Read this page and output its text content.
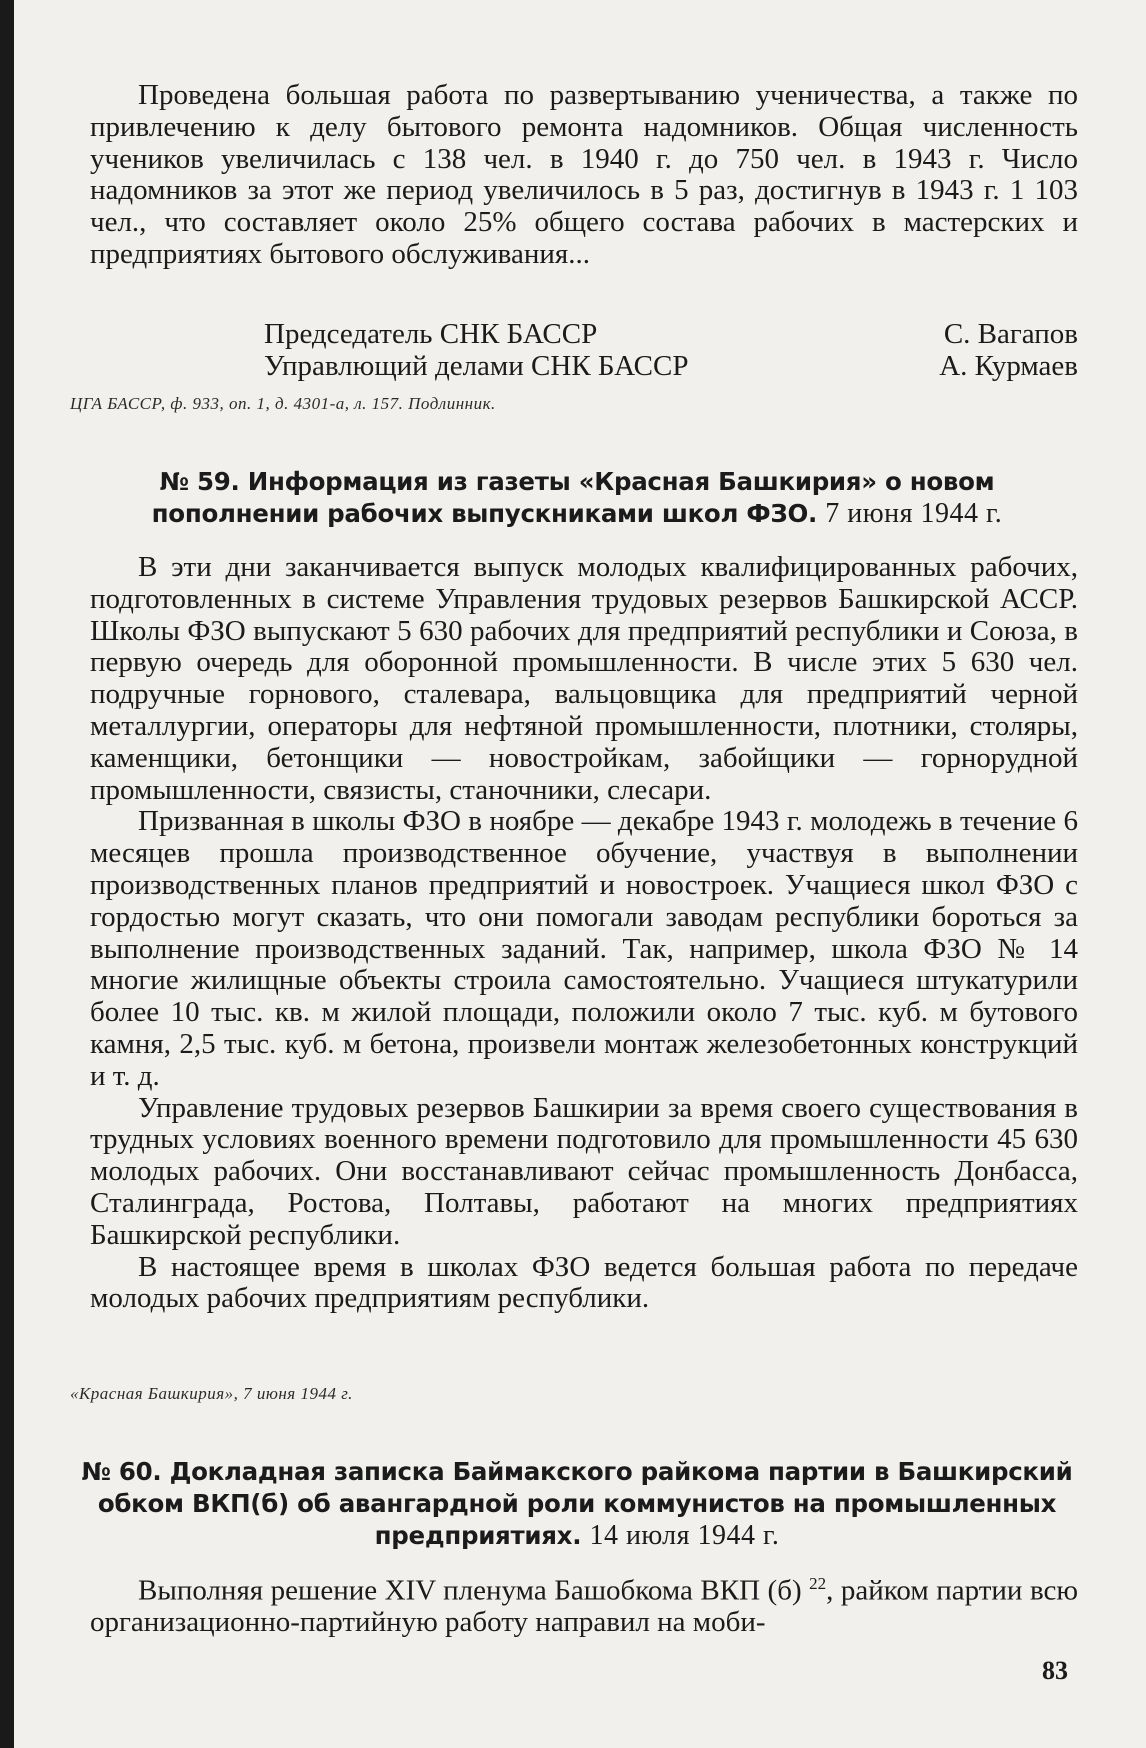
Проведена большая работа по развертыванию ученичества, а также по привлечению к делу бытового ремонта надомников. Общая численность учеников увеличилась с 138 чел. в 1940 г. до 750 чел. в 1943 г. Число надомников за этот же период увеличилось в 5 раз, достигнув в 1943 г. 1 103 чел., что составляет около 25% общего состава рабочих в мастерских и предприятиях бытового обслуживания...

Председатель СНК БАССР	С. Вагапов
Управлющий делами СНК БАССР	А. Курмаев
ЦГА БАССР, ф. 933, оп. 1, д. 4301-а, л. 157. Подлинник.
№ 59. Информация из газеты «Красная Башкирия» о новом пополнении рабочих выпускниками школ ФЗО. 7 июня 1944 г.

В эти дни заканчивается выпуск молодых квалифицированных рабочих, подготовленных в системе Управления трудовых резервов Башкирской АССР. Школы ФЗО выпускают 5 630 рабочих для предприятий республики и Союза, в первую очередь для оборонной промышленности. В числе этих 5 630 чел. подручные горнового, сталевара, вальцовщика для предприятий черной металлургии, операторы для нефтяной промышленности, плотники, столяры, каменщики, бетонщики — новостройкам, забойщики — горнорудной промышленности, связисты, станочники, слесари.

Призванная в школы ФЗО в ноябре — декабре 1943 г. молодежь в течение 6 месяцев прошла производственное обучение, участвуя в выполнении производственных планов предприятий и новостроек. Учащиеся школ ФЗО с гордостью могут сказать, что они помогали заводам республики бороться за выполнение производственных заданий. Так, например, школа ФЗО № 14 многие жилищные объекты строила самостоятельно. Учащиеся штукатурили более 10 тыс. кв. м жилой площади, положили около 7 тыс. куб. м бутового камня, 2,5 тыс. куб. м бетона, произвели монтаж железобетонных конструкций и т. д.

Управление трудовых резервов Башкирии за время своего существования в трудных условиях военного времени подготовило для промышленности 45 630 молодых рабочих. Они восстанавливают сейчас промышленность Донбасса, Сталинграда, Ростова, Полтавы, работают на многих предприятиях Башкирской республики.

В настоящее время в школах ФЗО ведется большая работа по передаче молодых рабочих предприятиям республики.

«Красная Башкирия», 7 июня 1944 г.
№ 60. Докладная записка Баймакского райкома партии в Башкирский обком ВКП(б) об авангардной роли коммунистов на промышленных предприятиях. 14 июля 1944 г.

Выполняя решение XIV пленума Башобкома ВКП (б) $^{22}$, райком партии всю организационно-партийную работу направил на моби-

83
